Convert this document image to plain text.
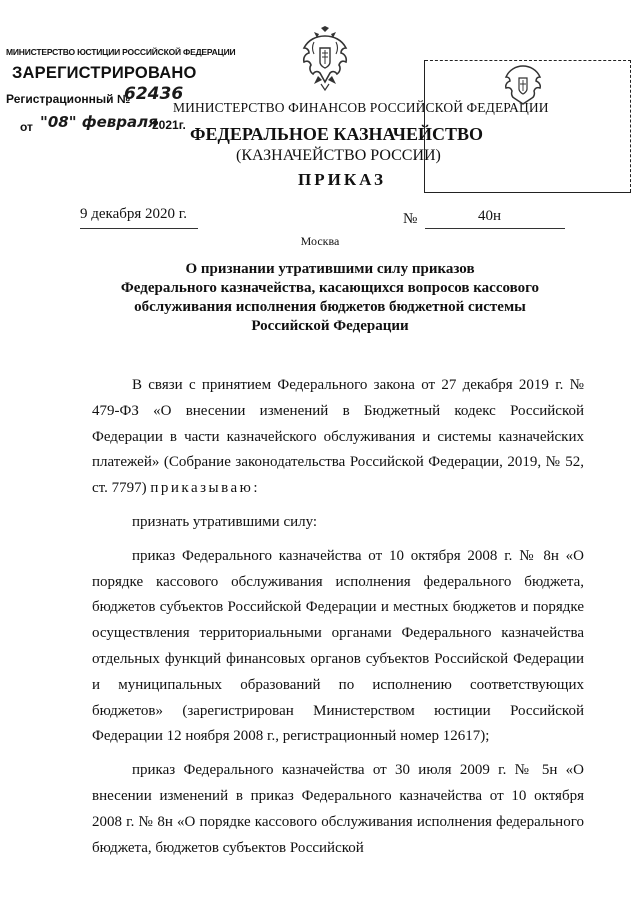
МИНИСТЕРСТВО ФИНАНСОВ РОССИЙСКОЙ ФЕДЕРАЦИИ
ФЕДЕРАЛЬНОЕ КАЗНАЧЕЙСТВО
(КАЗНАЧЕЙСТВО РОССИИ)
ПРИКАЗ
МИНИСТЕРСТВО ЮСТИЦИИ РОССИЙСКОЙ ФЕДЕРАЦИИ
ЗАРЕГИСТРИРОВАНО
Регистрационный №
62436
от "08" февраля
2021г.
9 декабря 2020 г.	№	40н
Москва
О признании утратившими силу приказов
Федерального казначейства, касающихся вопросов кассового
обслуживания исполнения бюджетов бюджетной системы
Российской Федерации

В связи с принятием Федерального закона от 27 декабря 2019 г. № 479-ФЗ «О внесении изменений в Бюджетный кодекс Российской Федерации в части казначейского обслуживания и системы казначейских платежей» (Собрание законодательства Российской Федерации, 2019, № 52, ст. 7797) приказываю:

признать утратившими силу:

приказ Федерального казначейства от 10 октября 2008 г. № 8н «О порядке кассового обслуживания исполнения федерального бюджета, бюджетов субъектов Российской Федерации и местных бюджетов и порядке осуществления территориальными органами Федерального казначейства отдельных функций финансовых органов субъектов Российской Федерации и муниципальных образований по исполнению соответствующих бюджетов» (зарегистрирован Министерством юстиции Российской Федерации 12 ноября 2008 г., регистрационный номер 12617);

приказ Федерального казначейства от 30 июля 2009 г. № 5н «О внесении изменений в приказ Федерального казначейства от 10 октября 2008 г. № 8н «О порядке кассового обслуживания исполнения федерального бюджета, бюджетов субъектов Российской
